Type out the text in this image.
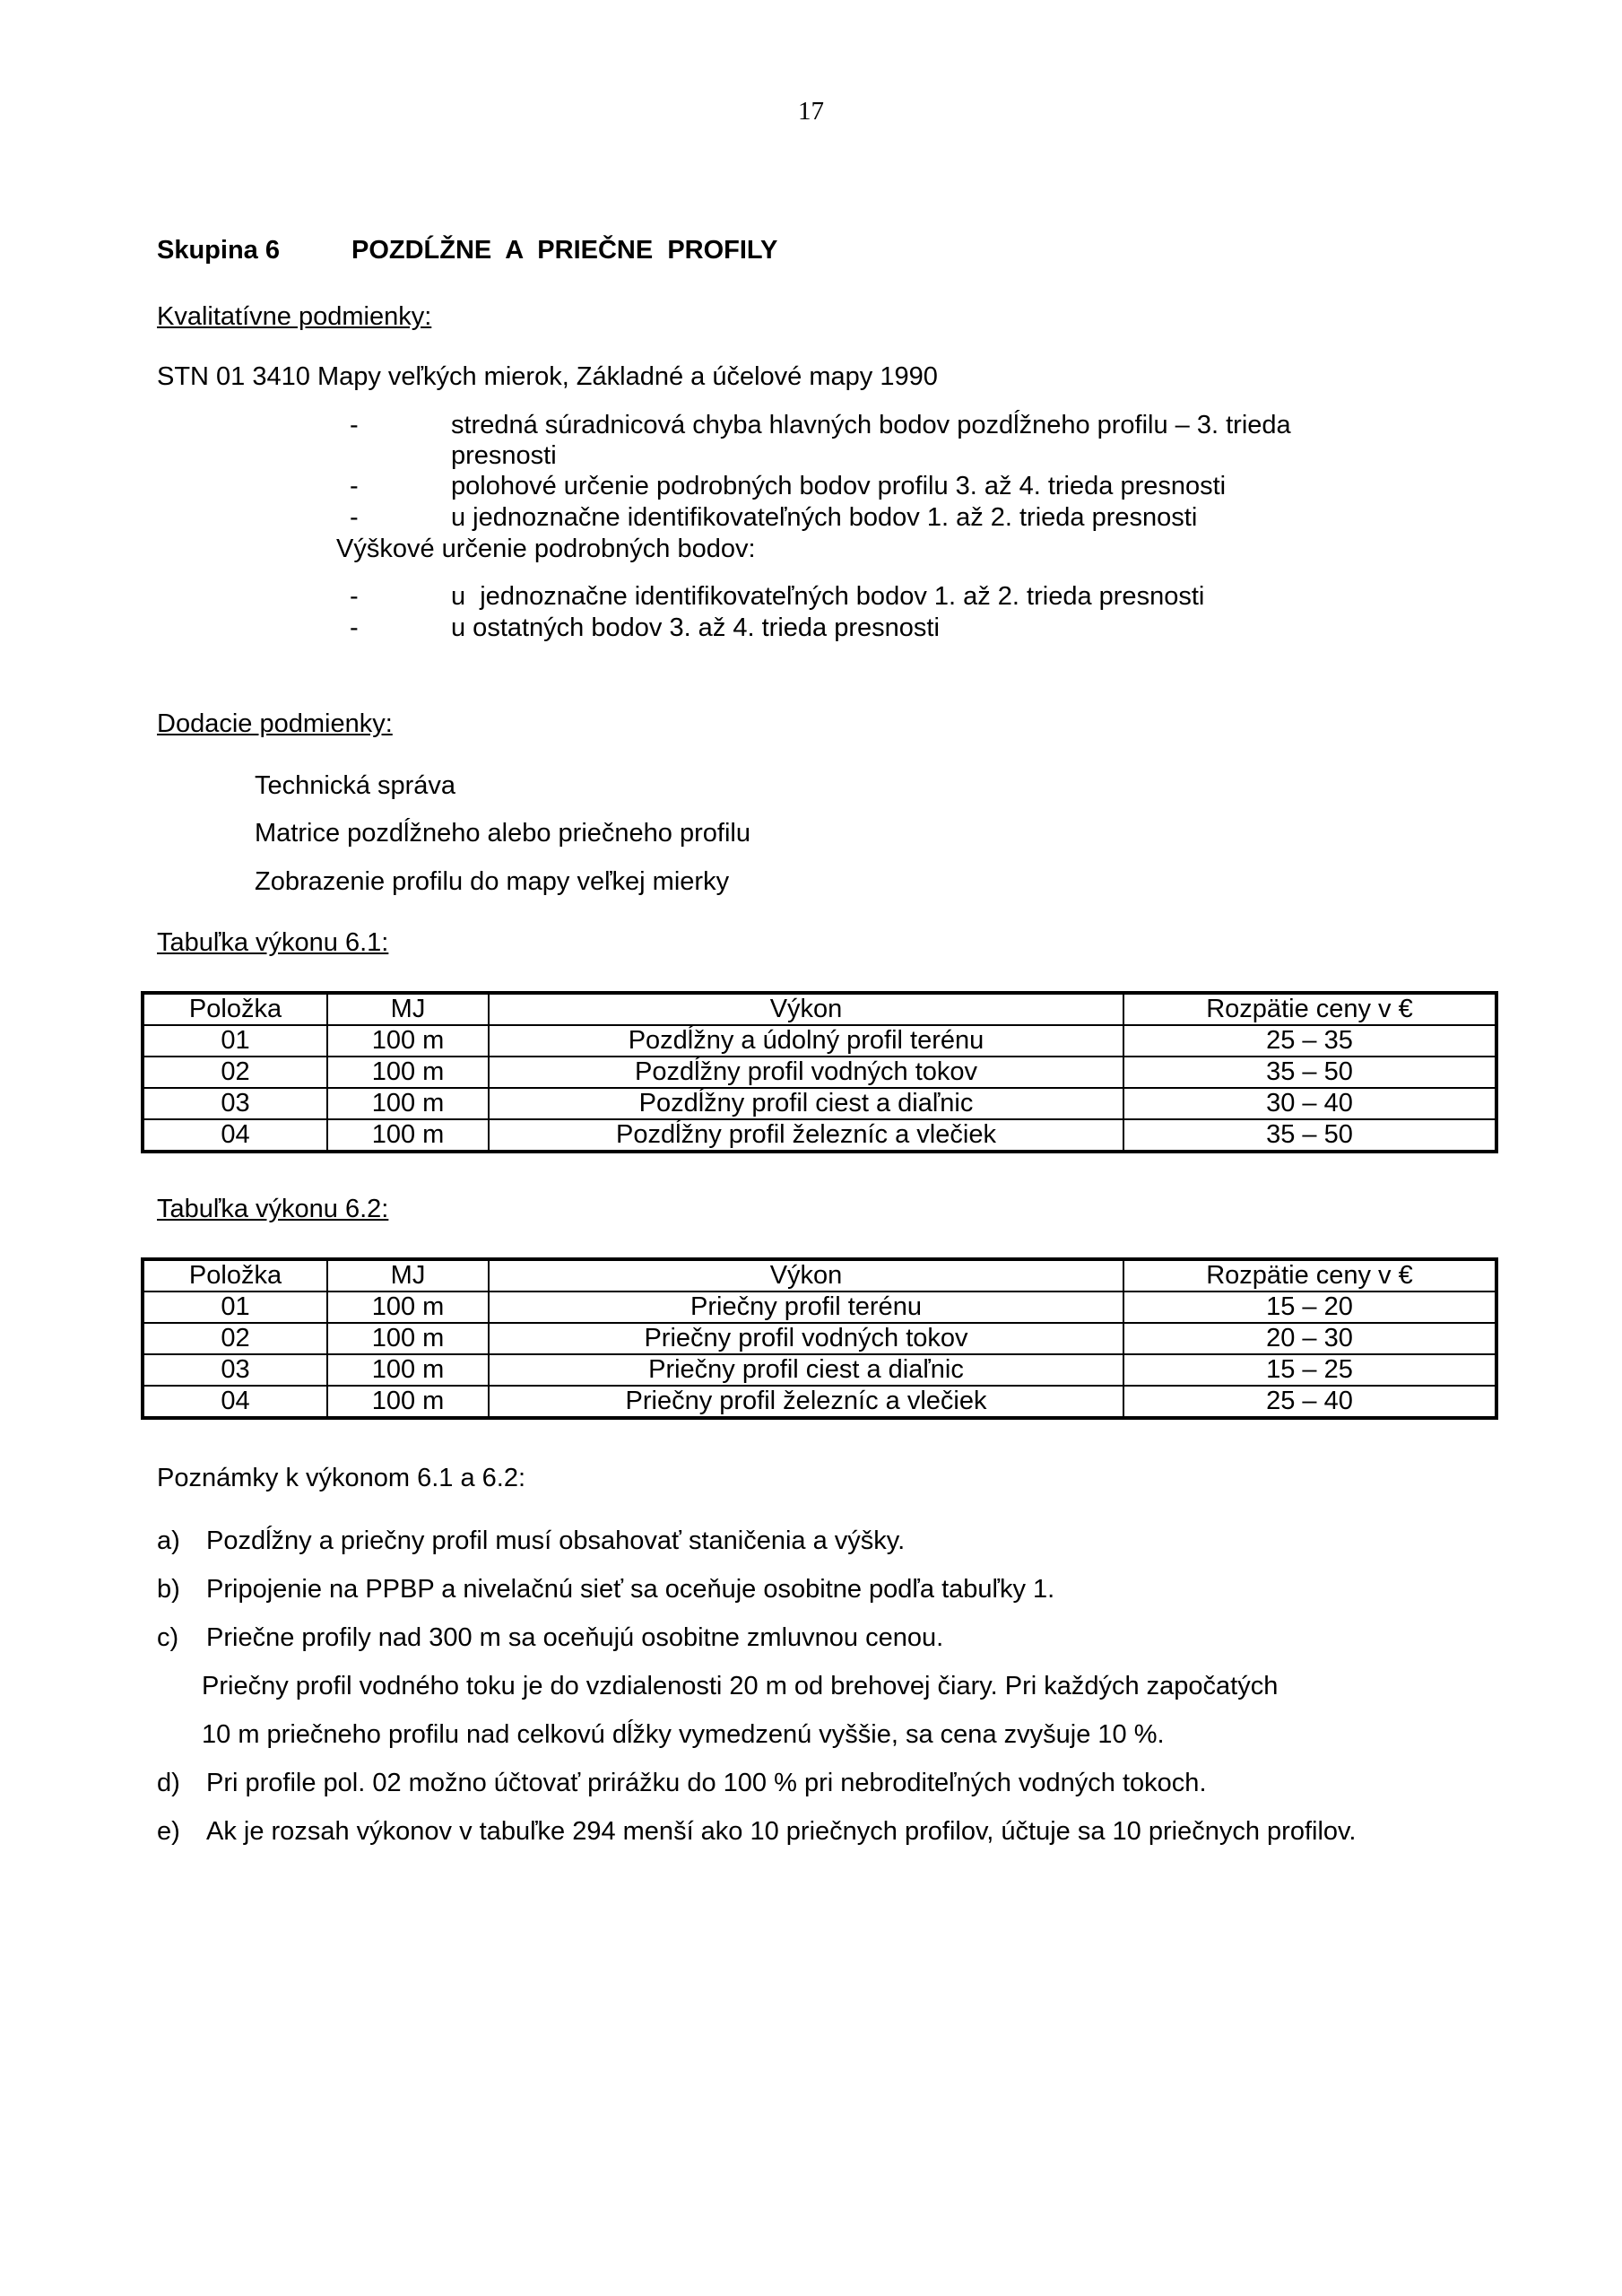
17
Skupina 6	POZDĹŽNE  A  PRIEČNE  PROFILY
Kvalitatívne podmienky:
STN 01 3410 Mapy veľkých mierok, Základné a účelové mapy 1990
-	stredná súradnicová chyba hlavných bodov pozdĺžneho profilu – 3. trieda
presnosti
-	polohové určenie podrobných bodov profilu 3. až 4. trieda presnosti
-	u jednoznačne identifikovateľných bodov 1. až 2. trieda presnosti
Výškové určenie podrobných bodov:
-	u  jednoznačne identifikovateľných bodov 1. až 2. trieda presnosti
-	u ostatných bodov 3. až 4. trieda presnosti
Dodacie podmienky:
Technická správa
Matrice pozdĺžneho alebo priečneho profilu
Zobrazenie profilu do mapy veľkej mierky
Tabuľka výkonu 6.1:
Položka	MJ	Výkon	Rozpätie ceny v €
01	100 m	Pozdĺžny a údolný profil terénu	25 – 35
02	100 m	Pozdĺžny profil vodných tokov	35 – 50
03	100 m	Pozdĺžny profil ciest a diaľnic	30 – 40
04	100 m	Pozdĺžny profil železníc a vlečiek	35 – 50
Tabuľka výkonu 6.2:
Položka	MJ	Výkon	Rozpätie ceny v €
01	100 m	Priečny profil terénu	15 – 20
02	100 m	Priečny profil vodných tokov	20 – 30
03	100 m	Priečny profil ciest a diaľnic	15 – 25
04	100 m	Priečny profil železníc a vlečiek	25 – 40
Poznámky k výkonom 6.1 a 6.2:
a) Pozdĺžny a priečny profil musí obsahovať staničenia a výšky.
b) Pripojenie na PPBP a nivelačnú sieť sa oceňuje osobitne podľa tabuľky 1.
c) Priečne profily nad 300 m sa oceňujú osobitne zmluvnou cenou.
Priečny profil vodného toku je do vzdialenosti 20 m od brehovej čiary. Pri každých započatých
10 m priečneho profilu nad celkovú dĺžky vymedzenú vyššie, sa cena zvyšuje 10 %.
d) Pri profile pol. 02 možno účtovať prirážku do 100 % pri nebroditeľných vodných tokoch.
e) Ak je rozsah výkonov v tabuľke 294 menší ako 10 priečnych profilov, účtuje sa 10 priečnych profilov.
